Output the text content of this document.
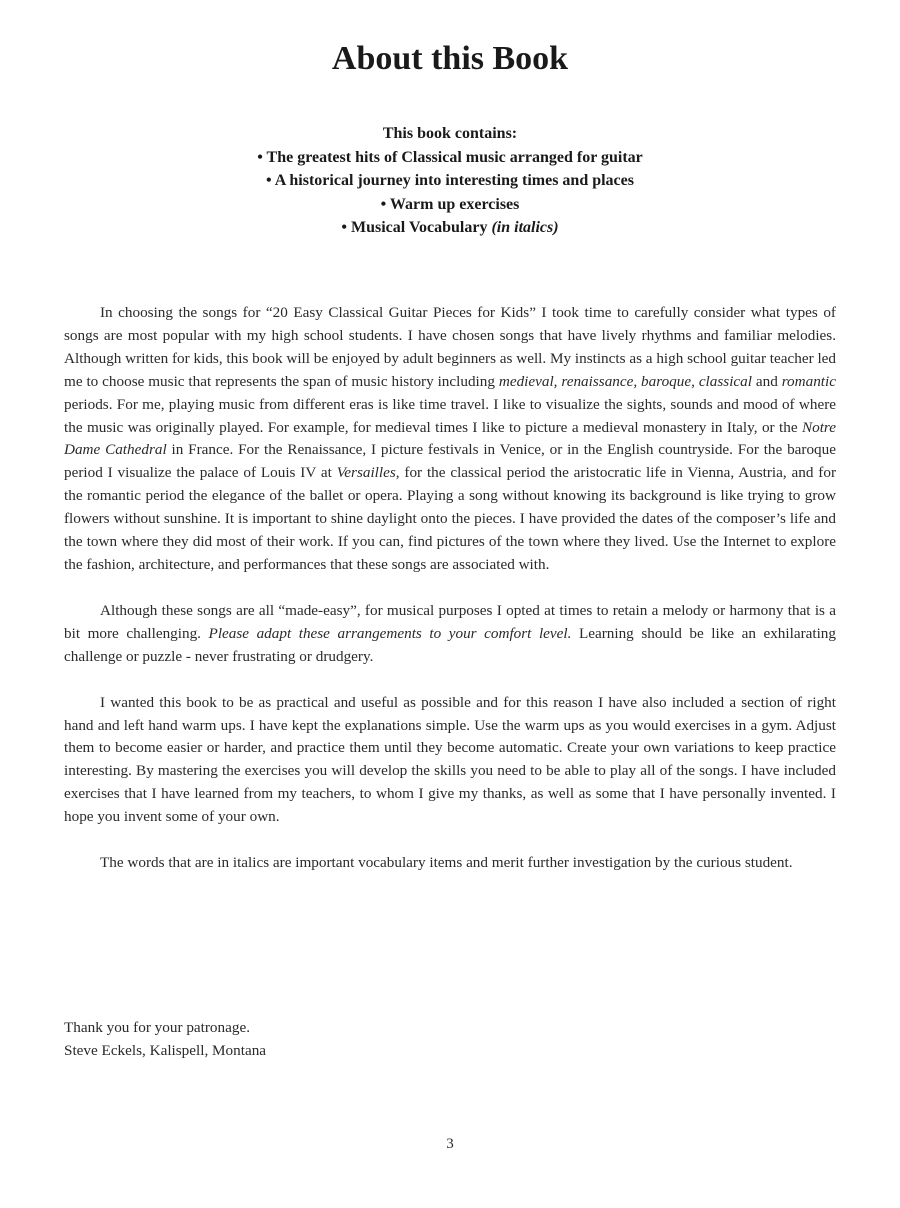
About this Book
This book contains:
• The greatest hits of Classical music arranged for guitar
• A historical journey into interesting times and places
• Warm up exercises
• Musical Vocabulary (in italics)

In choosing the songs for “20 Easy Classical Guitar Pieces for Kids” I took time to carefully consider what types of songs are most popular with my high school students. I have chosen songs that have lively rhythms and familiar melodies. Although written for kids, this book will be enjoyed by adult beginners as well. My instincts as a high school guitar teacher led me to choose music that represents the span of music history including medieval, renaissance, baroque, classical and romantic periods. For me, playing music from different eras is like time travel. I like to visualize the sights, sounds and mood of where the music was originally played. For example, for medieval times I like to picture a medieval monastery in Italy, or the Notre Dame Cathedral in France. For the Renaissance, I picture festivals in Venice, or in the English countryside. For the baroque period I visualize the palace of Louis IV at Versailles, for the classical period the aristocratic life in Vienna, Austria, and for the romantic period the elegance of the ballet or opera. Playing a song without knowing its background is like trying to grow flowers without sunshine. It is important to shine daylight onto the pieces. I have provided the dates of the composer’s life and the town where they did most of their work. If you can, find pictures of the town where they lived. Use the Internet to explore the fashion, architecture, and performances that these songs are associated with.

Although these songs are all “made-easy”, for musical purposes I opted at times to retain a melody or harmony that is a bit more challenging. Please adapt these arrangements to your comfort level. Learning should be like an exhilarating challenge or puzzle - never frustrating or drudgery.

I wanted this book to be as practical and useful as possible and for this reason I have also included a section of right hand and left hand warm ups. I have kept the explanations simple. Use the warm ups as you would exercises in a gym. Adjust them to become easier or harder, and practice them until they become automatic. Create your own variations to keep practice interesting. By mastering the exercises you will develop the skills you need to be able to play all of the songs. I have included exercises that I have learned from my teachers, to whom I give my thanks, as well as some that I have personally invented. I hope you invent some of your own.

The words that are in italics are important vocabulary items and merit further investigation by the curious student.

Thank you for your patronage.
Steve Eckels, Kalispell, Montana
3
